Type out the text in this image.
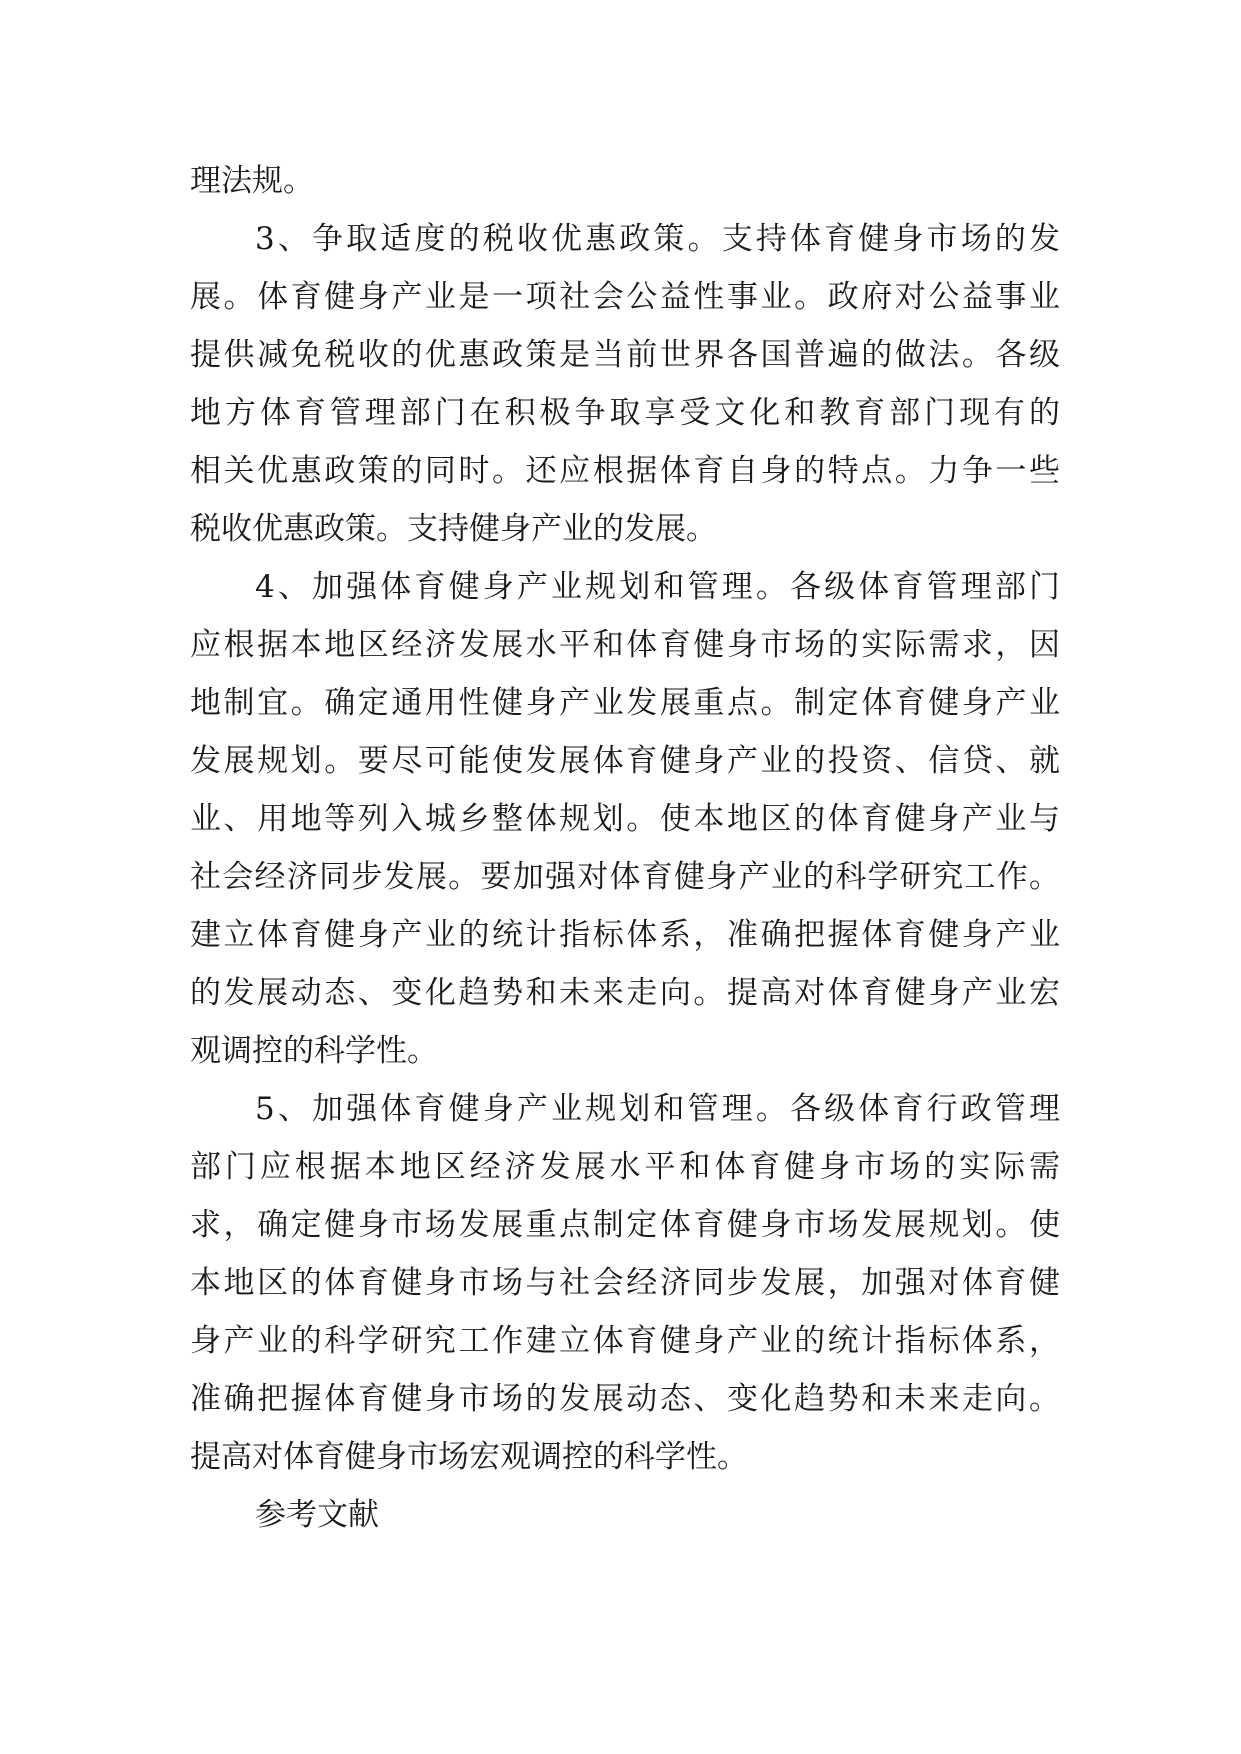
理法规。
3、争取适度的税收优惠政策。支持体育健身市场的发
展。体育健身产业是一项社会公益性事业。政府对公益事业
提供减免税收的优惠政策是当前世界各国普遍的做法。各级
地方体育管理部门在积极争取享受文化和教育部门现有的
相关优惠政策的同时。还应根据体育自身的特点。力争一些
税收优惠政策。支持健身产业的发展。
4、加强体育健身产业规划和管理。各级体育管理部门
应根据本地区经济发展水平和体育健身市场的实际需求，因
地制宜。确定通用性健身产业发展重点。制定体育健身产业
发展规划。要尽可能使发展体育健身产业的投资、信贷、就
业、用地等列入城乡整体规划。使本地区的体育健身产业与
社会经济同步发展。要加强对体育健身产业的科学研究工作。
建立体育健身产业的统计指标体系，准确把握体育健身产业
的发展动态、变化趋势和未来走向。提高对体育健身产业宏
观调控的科学性。
5、加强体育健身产业规划和管理。各级体育行政管理
部门应根据本地区经济发展水平和体育健身市场的实际需
求，确定健身市场发展重点制定体育健身市场发展规划。使
本地区的体育健身市场与社会经济同步发展，加强对体育健
身产业的科学研究工作建立体育健身产业的统计指标体系，
准确把握体育健身市场的发展动态、变化趋势和未来走向。
提高对体育健身市场宏观调控的科学性。
参考文献
